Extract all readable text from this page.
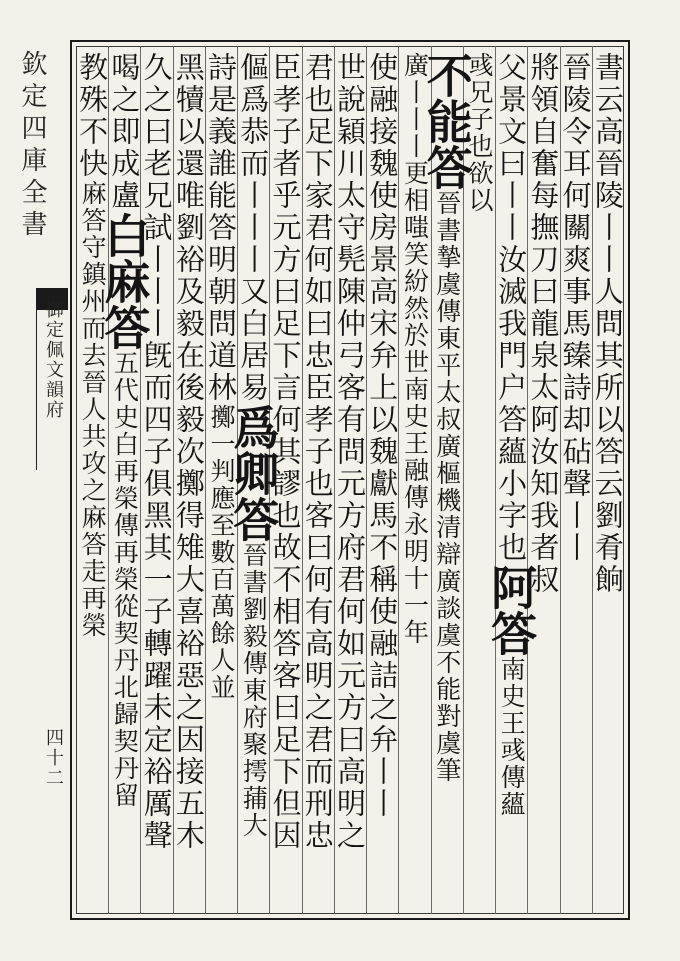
欽定四庫全書
御定佩文韻府
四十二
書云高晉陵丨丨人問其所以答云劉肴餉
晉陵令耳何關爽事馬臻詩却砧聲丨丨
將領自奮每撫刀曰龍泉太阿汝知我者叔
父景文曰丨丨汝滅我門户答蘊小字也阿答南史王彧傳蘊
彧兄子也欲以
不能答晉書摯虞傳東平太叔廣樞機清辯廣談虞不能對虞筆
廣丨丨丨更相嗤笑紛然於世南史王融傳永明十一年
使融接魏使房景高宋弁上以魏獻馬不稱使融詰之弁丨丨
世說穎川太守髡陳仲弓客有問元方府君何如元方曰高明之
君也足下家君何如曰忠臣孝子也客曰何有高明之君而刑忠
臣孝子者乎元方曰足下言何其謬也故不相答客曰足下但因
傴爲恭而丨丨丨又白居易爲卿答晉書劉毅傳東府聚摴蒱大
詩是義誰能答明朝問道林擲一判應至數百萬餘人並
黑犢以還唯劉裕及毅在後毅次擲得雉大喜裕惡之因接五木
久之曰老兄試丨丨丨旣而四子俱黑其一子轉躍未定裕厲聲
喝之即成盧白麻答五代史白再榮傳再榮從契丹北歸契丹留
教殊不快麻答守鎮州而去晉人共攻之麻答走再榮
